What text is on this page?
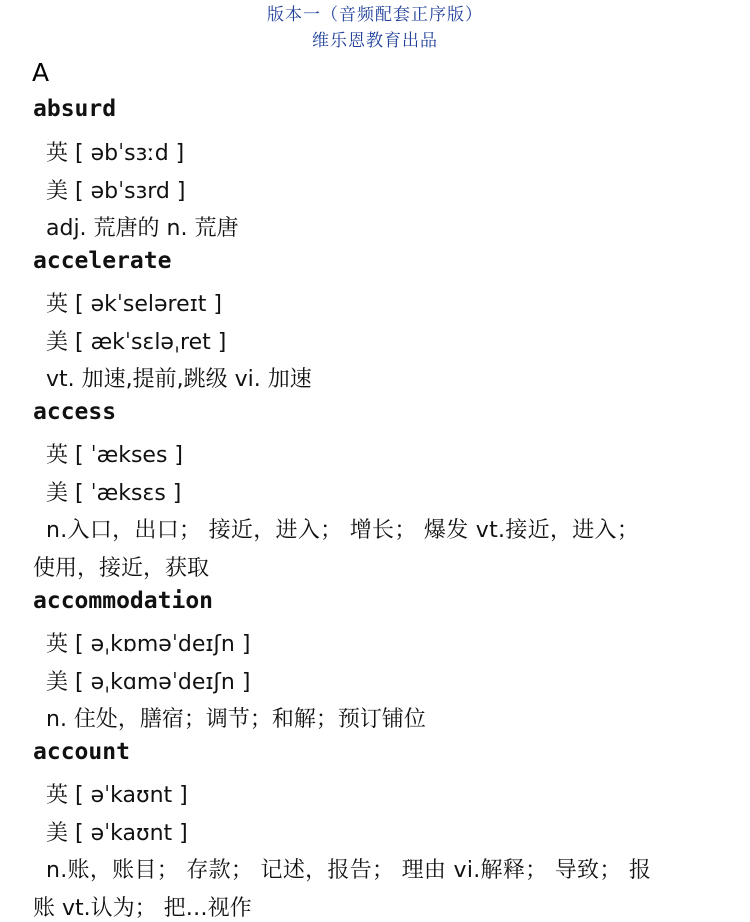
版本一（音频配套正序版）
维乐恩教育出品
A
absurd
英 [ əbˈsɜːd ]
美 [ əbˈsɜrd ]
adj. 荒唐的 n. 荒唐
accelerate
英 [ əkˈseləreɪt ]
美 [ ækˈsɛləˌret ]
vt. 加速,提前,跳级 vi. 加速
access
英 [ ˈækses ]
美 [ ˈæksɛs ]
n.入口，出口； 接近，进入； 增长； 爆发 vt.接近，进入；
使用，接近，获取
accommodation
英 [ əˌkɒməˈdeɪʃn ]
美 [ əˌkɑməˈdeɪʃn ]
n. 住处，膳宿；调节；和解；预订铺位
account
英 [ əˈkaʊnt ]
美 [ əˈkaʊnt ]
n.账，账目； 存款； 记述，报告； 理由 vi.解释； 导致； 报
账 vt.认为； 把…视作
